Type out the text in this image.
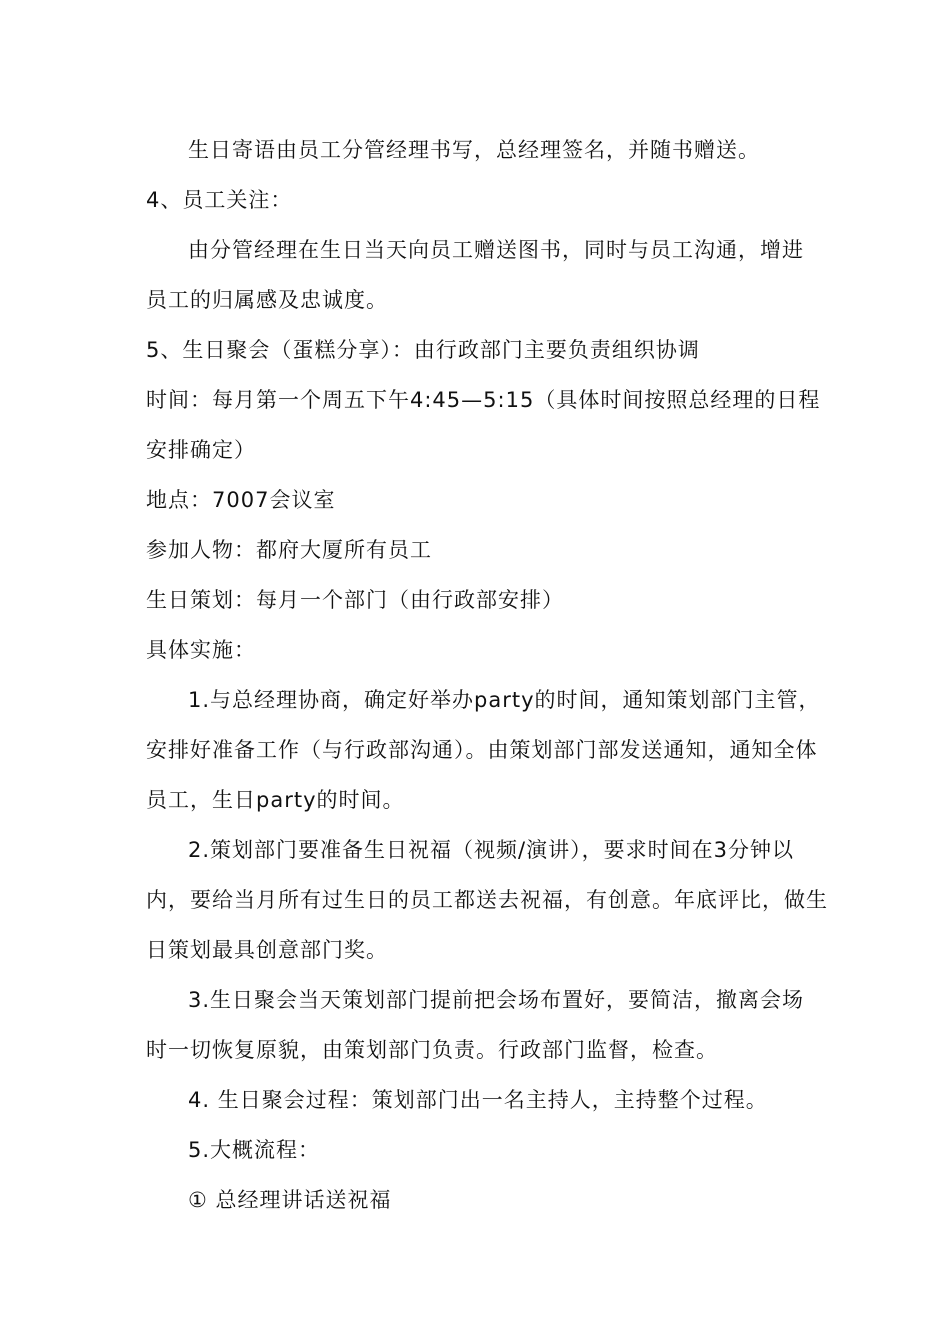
生日寄语由员工分管经理书写，总经理签名，并随书赠送。
4、员工关注：
由分管经理在生日当天向员工赠送图书，同时与员工沟通，增进
员工的归属感及忠诚度。
5、生日聚会（蛋糕分享）：由行政部门主要负责组织协调
时间：每月第一个周五下午4:45—5:15（具体时间按照总经理的日程
安排确定）
地点：7007会议室
参加人物：都府大厦所有员工
生日策划：每月一个部门（由行政部安排）
具体实施：
1.与总经理协商，确定好举办party的时间，通知策划部门主管，
安排好准备工作（与行政部沟通）。由策划部门部发送通知，通知全体
员工，生日party的时间。
2.策划部门要准备生日祝福（视频/演讲），要求时间在3分钟以
内，要给当月所有过生日的员工都送去祝福，有创意。年底评比，做生
日策划最具创意部门奖。
3.生日聚会当天策划部门提前把会场布置好，要简洁，撤离会场
时一切恢复原貌，由策划部门负责。行政部门监督，检查。
4. 生日聚会过程：策划部门出一名主持人，主持整个过程。
5.大概流程：
① 总经理讲话送祝福
